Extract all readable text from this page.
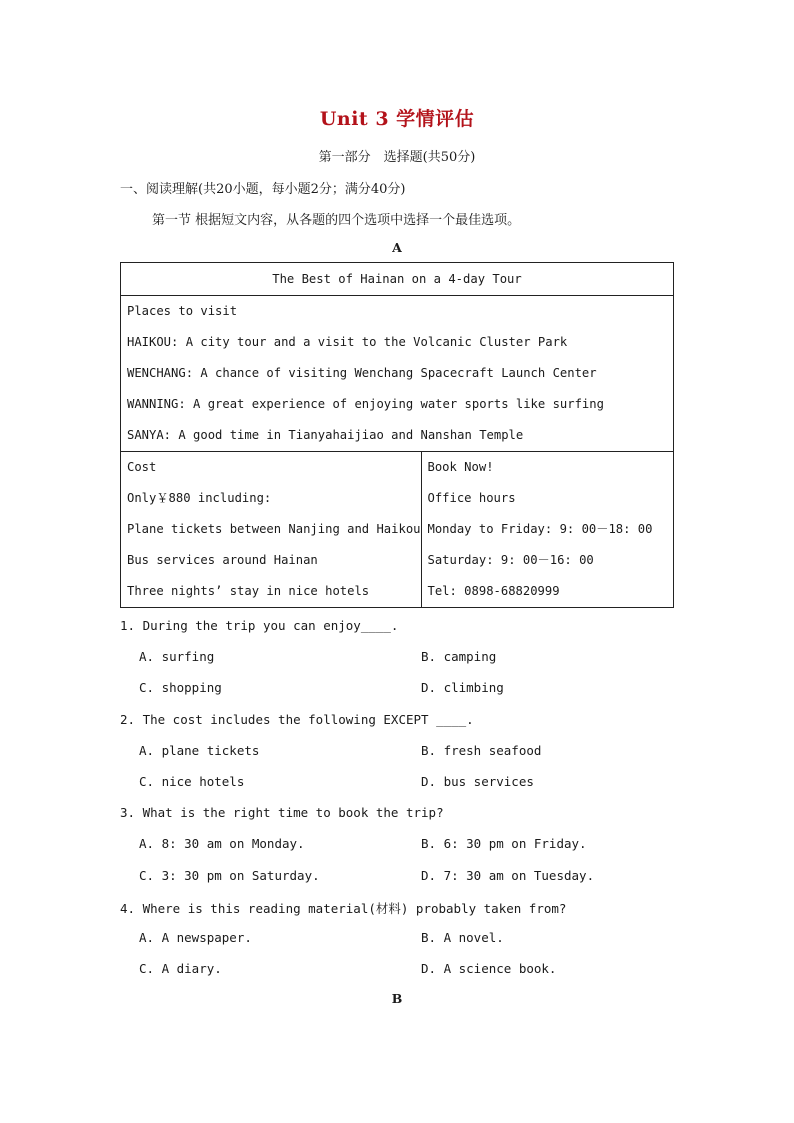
Unit 3 学情评估
第一部分　选择题(共50分)
一、阅读理解(共20小题，每小题2分；满分40分)
第一节 根据短文内容，从各题的四个选项中选择一个最佳选项。
A
The Best of Hainan on a 4-day Tour

Places to visit
HAIKOU: A city tour and a visit to the Volcanic Cluster Park
WENCHANG: A chance of visiting Wenchang Spacecraft Launch Center
WANNING: A great experience of enjoying water sports like surfing
SANYA: A good time in Tianyahaijiao and Nanshan Temple

Cost
Only￥880 including:
Plane tickets between Nanjing and Haikou
Bus services around Hainan
Three nights’ stay in nice hotels

Book Now!
Office hours
Monday to Friday: 9: 00－18: 00
Saturday: 9: 00－16: 00
Tel: 0898-68820999
1. During the trip you can enjoy____.
A. surfing	B. camping
C. shopping	D. climbing
2. The cost includes the following EXCEPT ____.
A. plane tickets	B. fresh seafood
C. nice hotels	D. bus services
3. What is the right time to book the trip?
A. 8: 30 am on Monday.	B. 6: 30 pm on Friday.
C. 3: 30 pm on Saturday.	D. 7: 30 am on Tuesday.
4. Where is this reading material(材料) probably taken from?
A. A newspaper.	B. A novel.
C. A diary.	D. A science book.
B
